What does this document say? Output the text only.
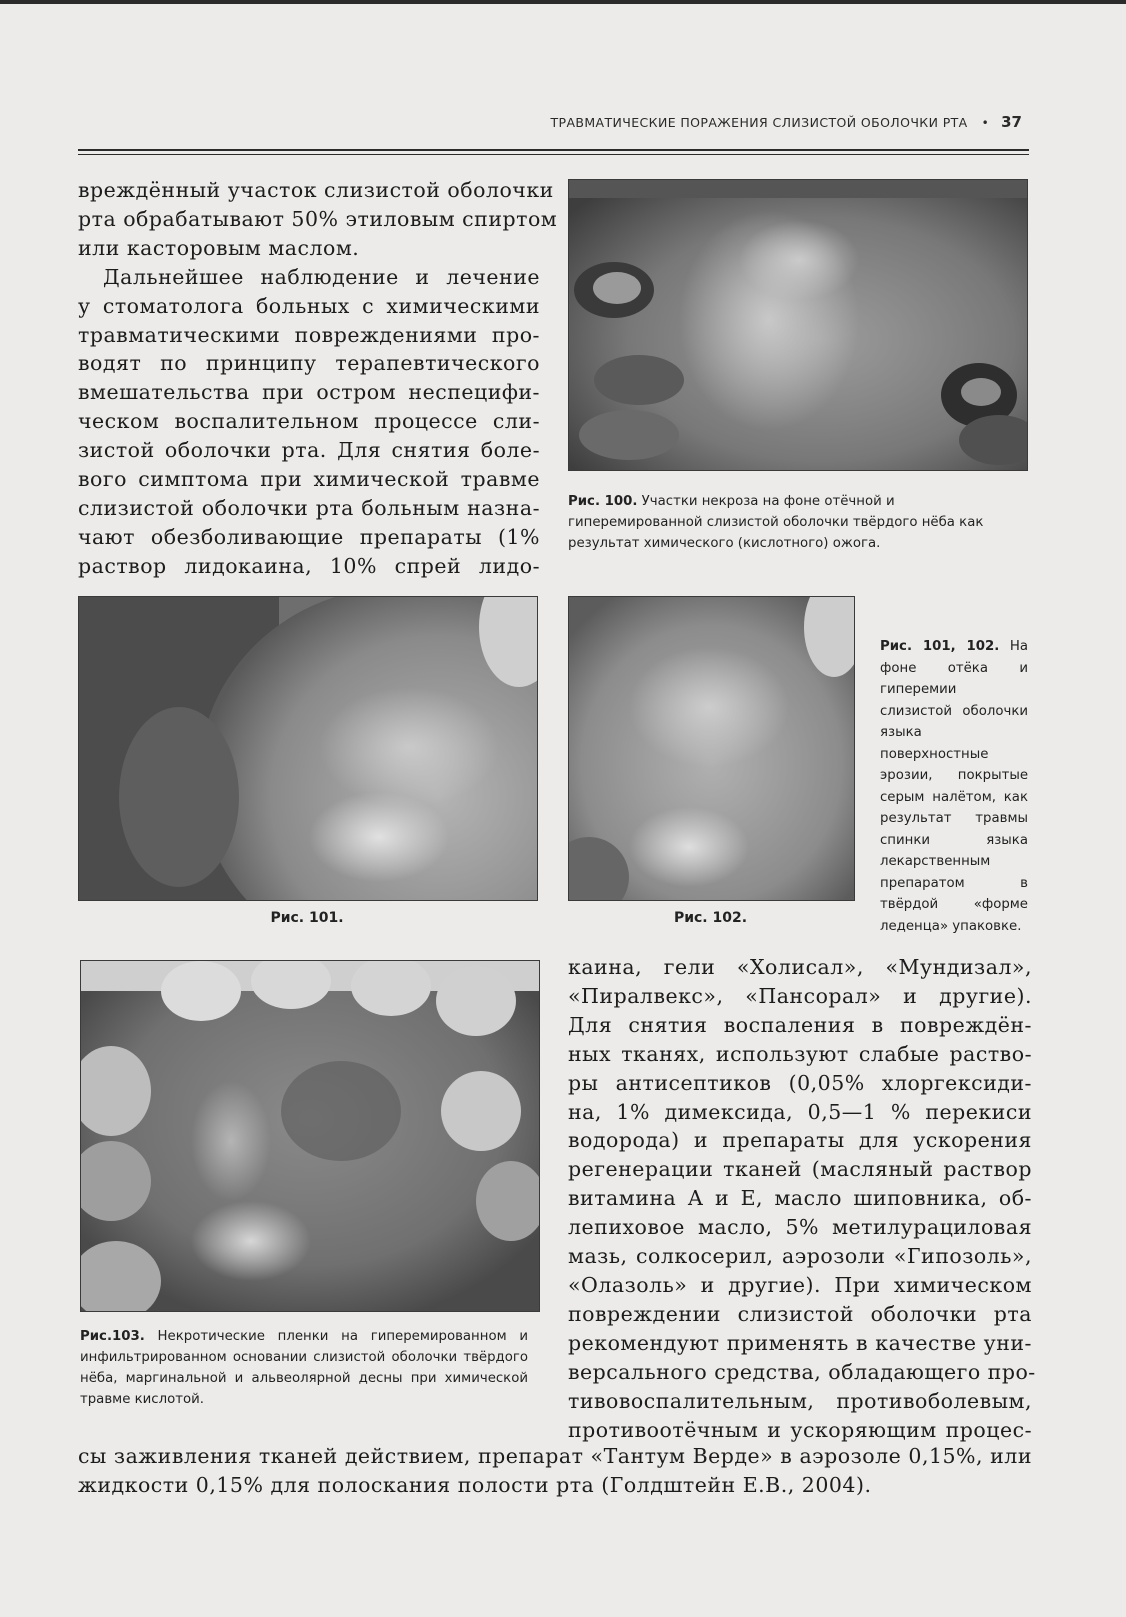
ТРАВМАТИЧЕСКИЕ ПОРАЖЕНИЯ СЛИЗИСТОЙ ОБОЛОЧКИ РТА • 37
вреждённый участок слизистой оболочки
рта обрабатывают 50% этиловым спиртом
или касторовым маслом.
Дальнейшее наблюдение и лечение
у стоматолога больных с химическими
травматическими повреждениями про-
водят по принципу терапевтического
вмешательства при остром неспецифи-
ческом воспалительном процессе сли-
зистой оболочки рта. Для снятия боле-
вого симптома при химической травме
слизистой оболочки рта больным назна-
чают обезболивающие препараты (1%
раствор лидокаина, 10% спрей лидо-
Рис. 100. Участки некроза на фоне отёчной и гиперемированной слизистой оболочки твёрдого нёба как результат химического (кислотного) ожога.
Рис. 101.	Рис. 102.
Рис. 101, 102. На фоне отёка и гиперемии слизистой оболочки языка поверхностные эрозии, покрытые серым налётом, как результат травмы спинки языка лекарственным препаратом в твёрдой «форме леденца» упаковке.
Рис.103. Некротические пленки на гиперемированном и инфильтрированном основании слизистой оболочки твёрдого нёба, маргинальной и альвеолярной десны при химической травме кислотой.
каина, гели «Холисал», «Мундизал»,
«Пиралвекс», «Пансорал» и другие).
Для снятия воспаления в повреждён-
ных тканях, используют слабые раство-
ры антисептиков (0,05% хлоргексиди-
на, 1% димексида, 0,5—1 % перекиси
водорода) и препараты для ускорения
регенерации тканей (масляный раствор
витамина А и Е, масло шиповника, об-
лепиховое масло, 5% метилурациловая
мазь, солкосерил, аэрозоли «Гипозоль»,
«Олазоль» и другие). При химическом
повреждении слизистой оболочки рта
рекомендуют применять в качестве уни-
версального средства, обладающего про-
тивовоспалительным, противоболевым,
противоотёчным и ускоряющим процес-
сы заживления тканей действием, препарат «Тантум Верде» в аэрозоле 0,15%, или
жидкости 0,15% для полоскания полости рта (Голдштейн Е.В., 2004).
